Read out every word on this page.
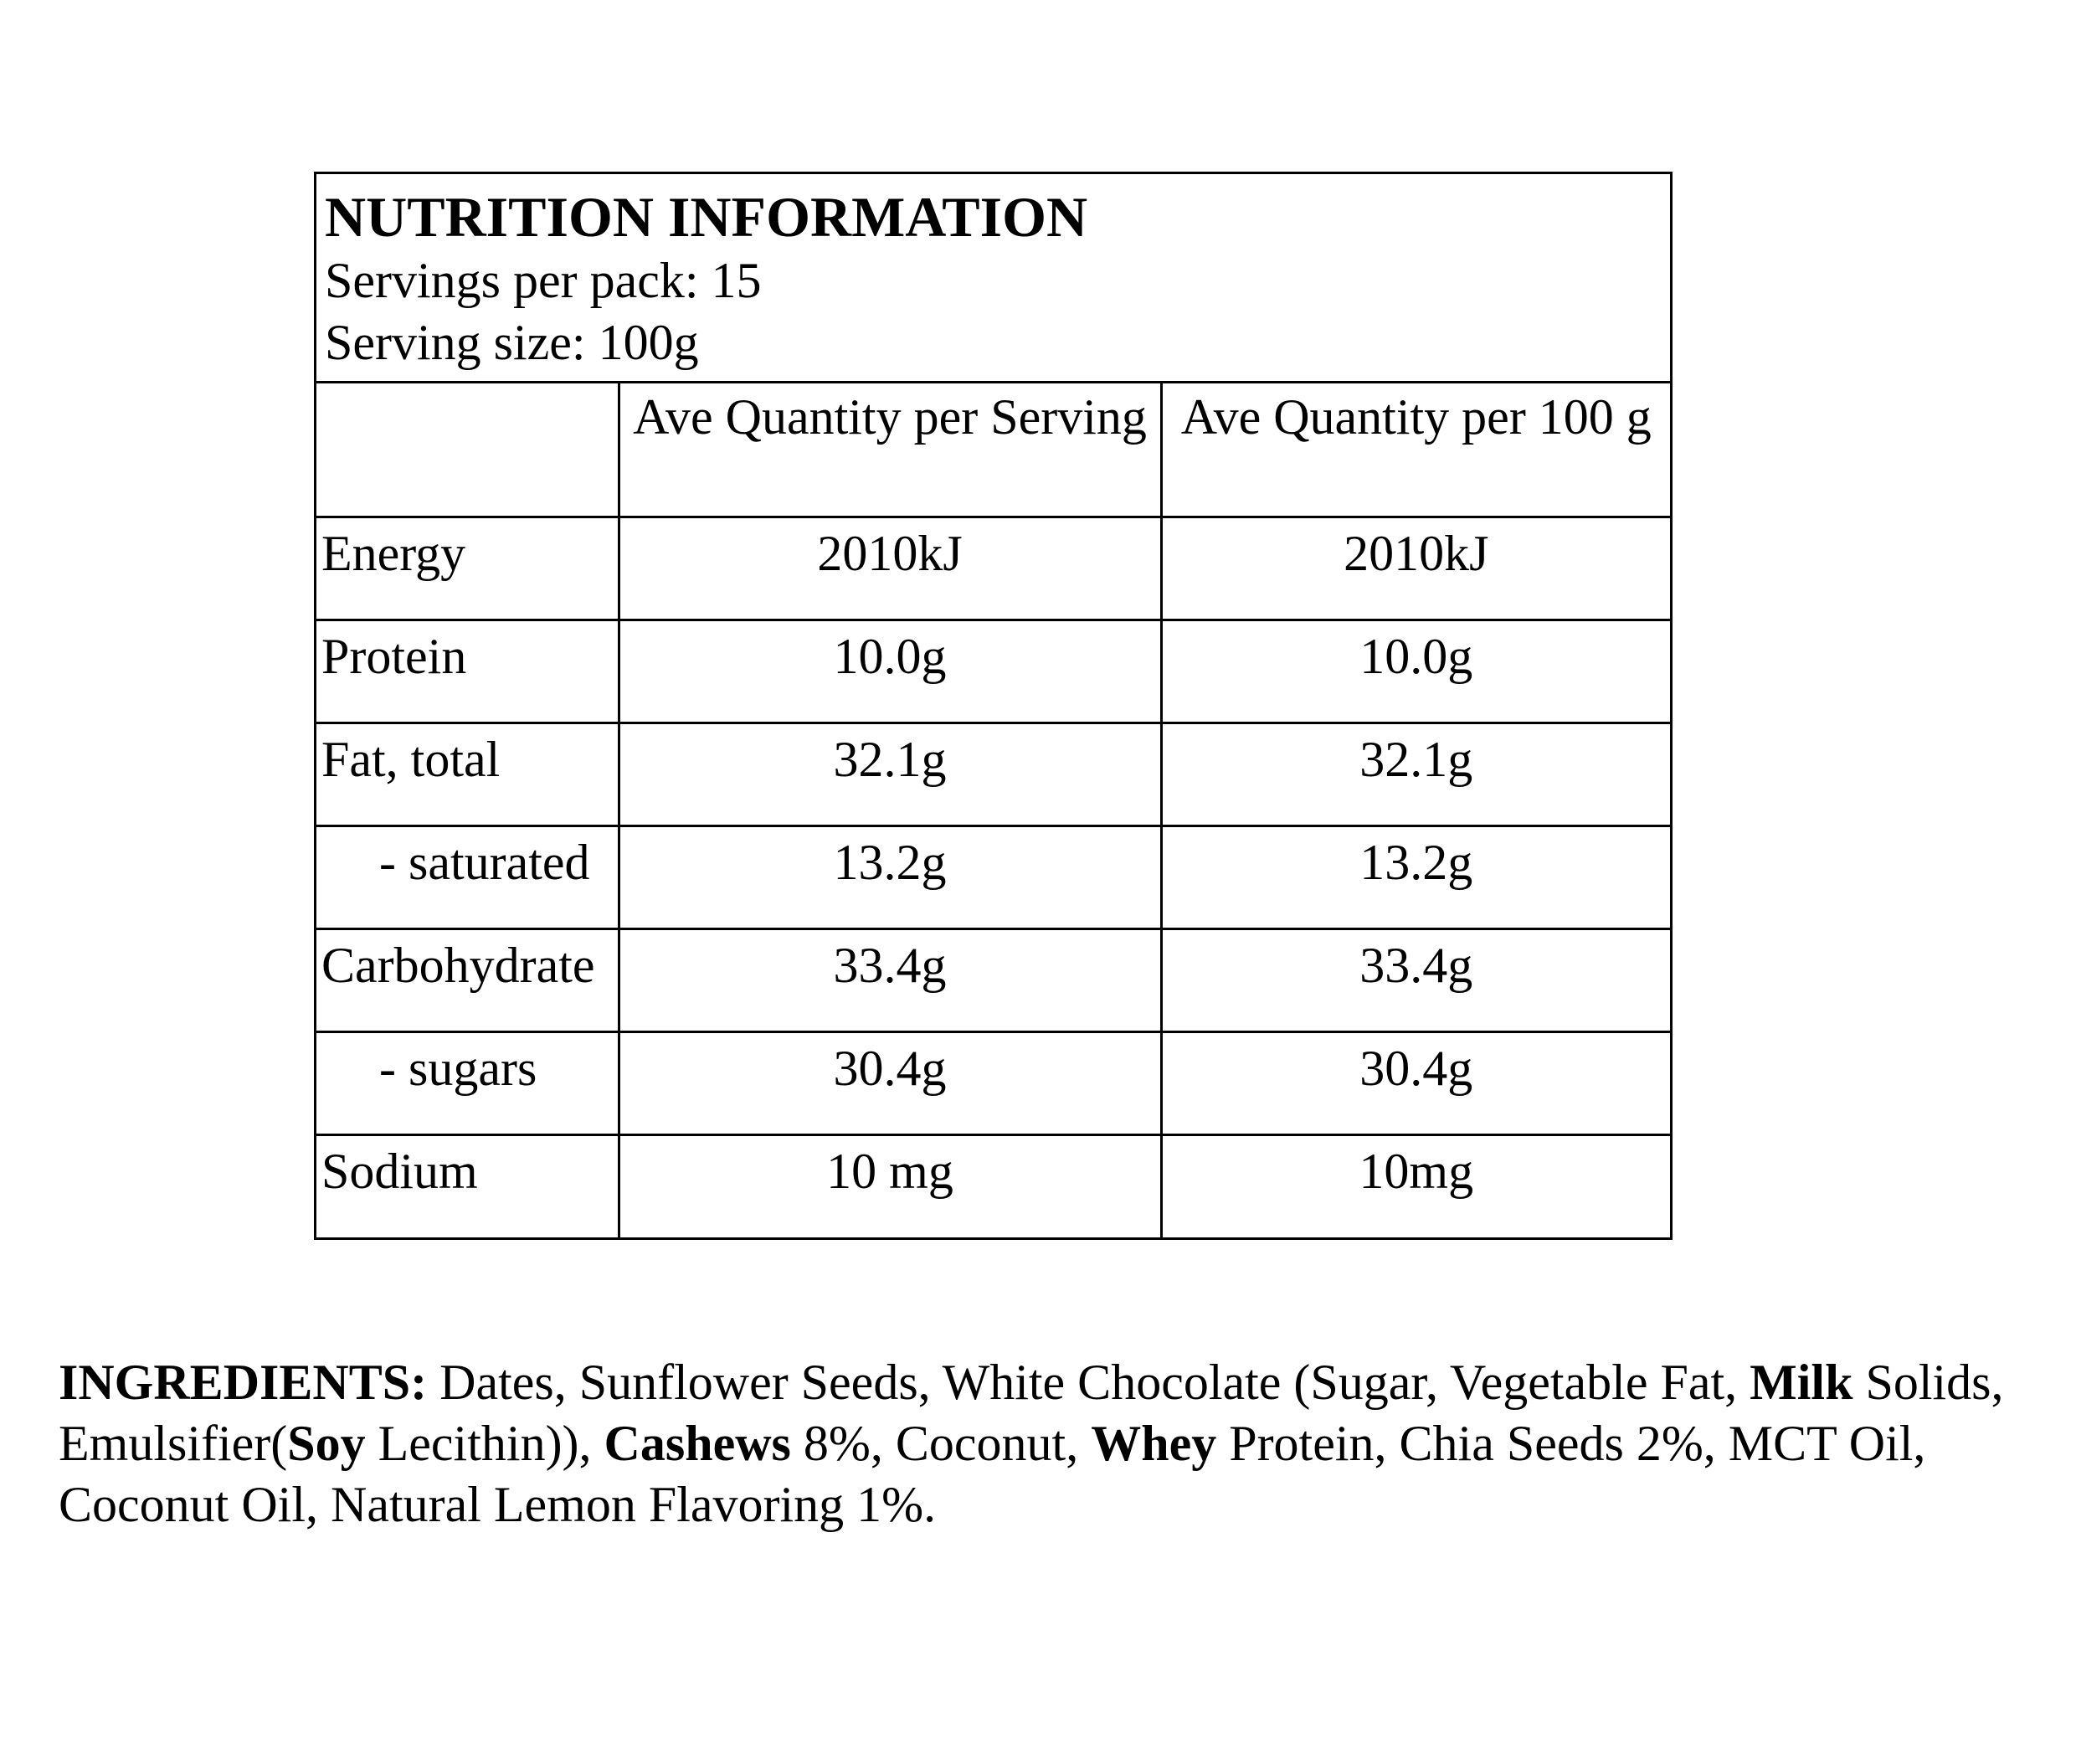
NUTRITION INFORMATION
Servings per pack: 15
Serving size: 100g
	Ave Quantity per Serving	Ave Quantity per 100 g
Energy	2010kJ	2010kJ
Protein	10.0g	10.0g
Fat, total	32.1g	32.1g
- saturated	13.2g	13.2g
Carbohydrate	33.4g	33.4g
- sugars	30.4g	30.4g
Sodium	10 mg	10mg
INGREDIENTS: Dates, Sunflower Seeds, White Chocolate (Sugar, Vegetable Fat, Milk Solids, Emulsifier(Soy Lecithin)), Cashews 8%, Coconut, Whey Protein, Chia Seeds 2%, MCT Oil, Coconut Oil, Natural Lemon Flavoring 1%.
